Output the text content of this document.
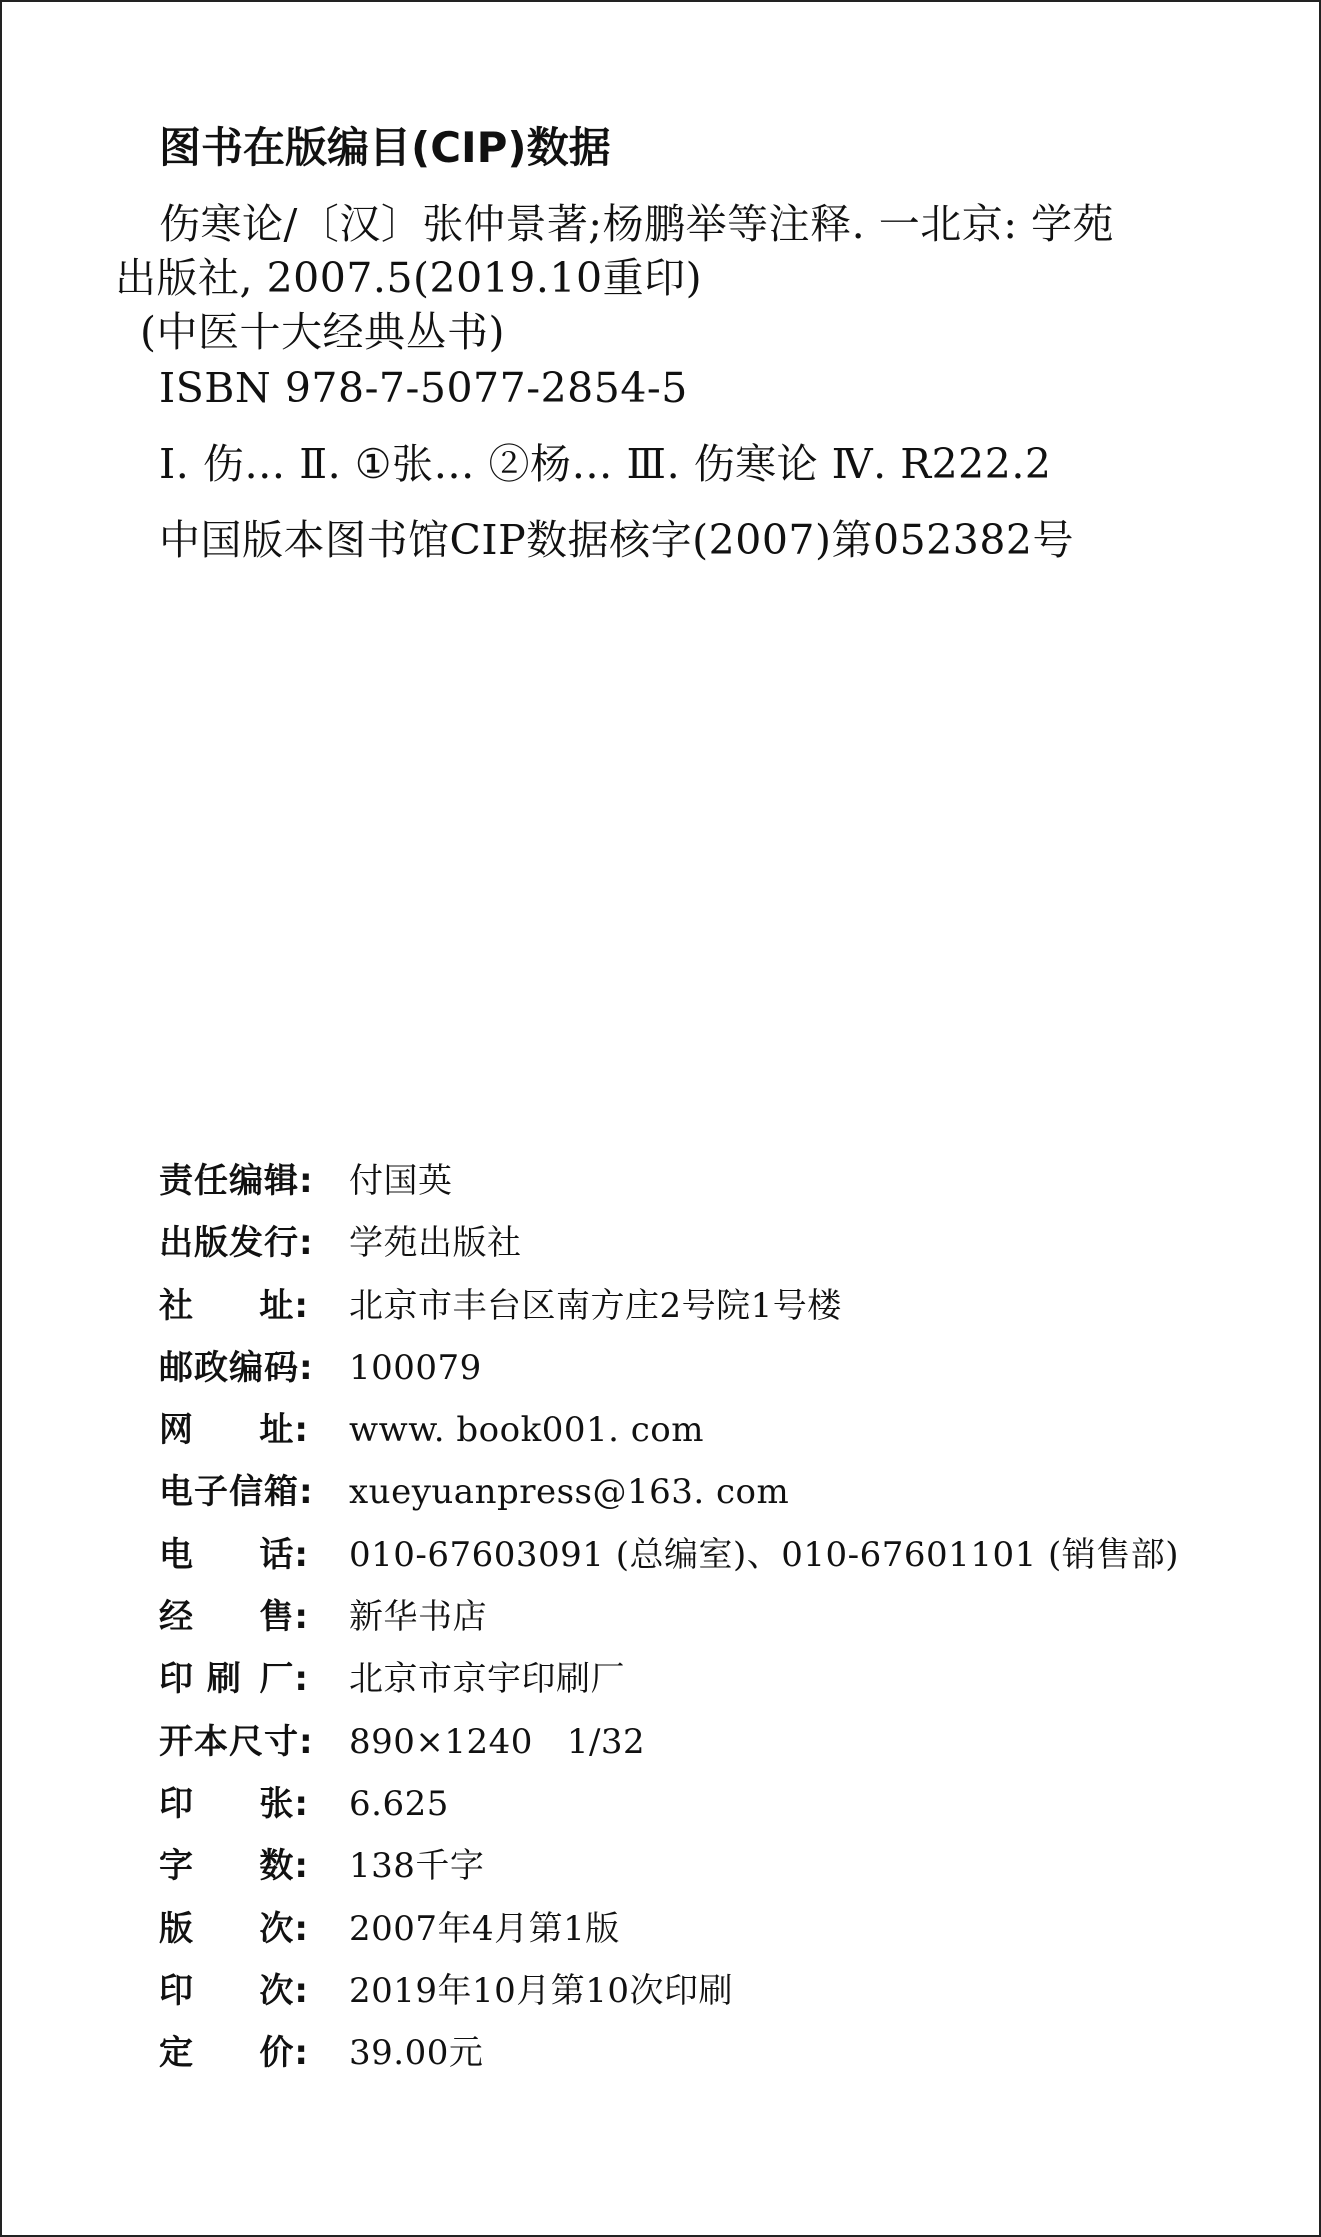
图书在版编目(CIP)数据
伤寒论/〔汉〕张仲景著;杨鹏举等注释. 一北京: 学苑
出版社, 2007.5(2019.10重印)
(中医十大经典丛书)
ISBN 978-7-5077-2854-5
Ⅰ. 伤… Ⅱ. ①张… ②杨… Ⅲ. 伤寒论 Ⅳ. R222.2
中国版本图书馆CIP数据核字(2007)第052382号
责任编辑:	付国英
出版发行:	学苑出版社
社 址: 北京市丰台区南方庄2号院1号楼
邮政编码:	100079
网 址: www. book001. com
电子信箱:	xueyuanpress@163. com
电 话: 010-67603091 (总编室)、010-67601101 (销售部)
经 售: 新华书店
印 刷 厂: 北京市京宇印刷厂
开本尺寸:	890×1240   1/32
印 张: 6.625
字 数: 138千字
版 次: 2007年4月第1版
印 次: 2019年10月第10次印刷
定 价: 39.00元
